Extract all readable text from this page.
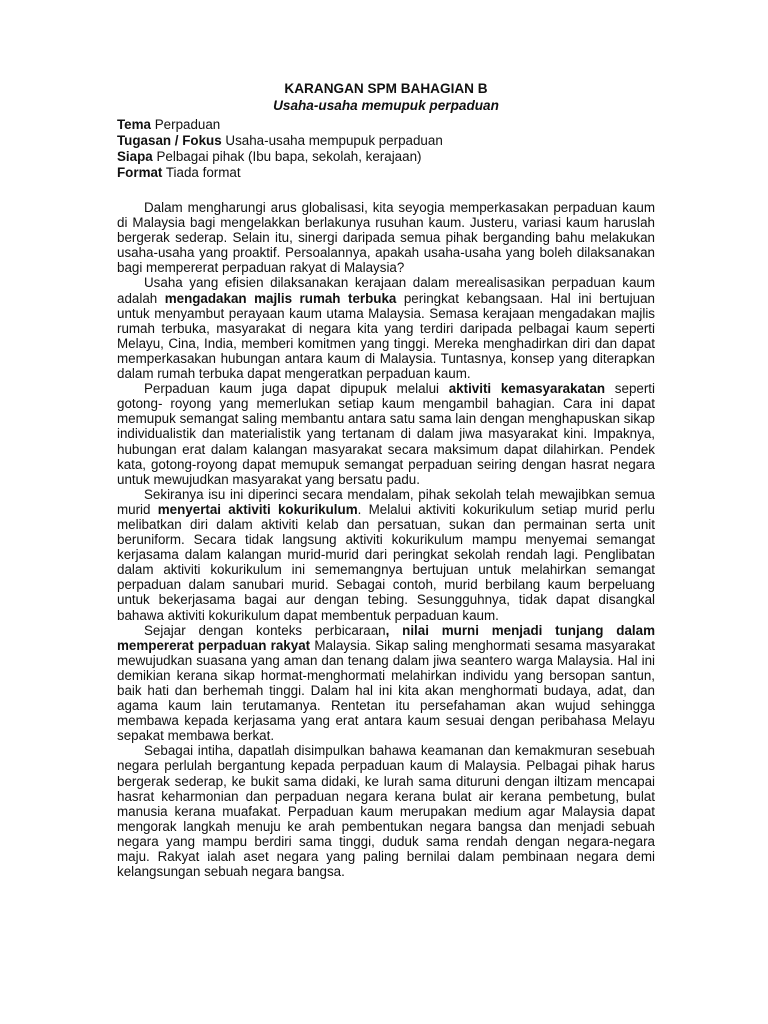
KARANGAN SPM BAHAGIAN B

Usaha-usaha memupuk perpaduan

Tema Perpaduan
Tugasan / Fokus Usaha-usaha mempupuk perpaduan
Siapa Pelbagai pihak (Ibu bapa, sekolah, kerajaan)
Format Tiada format

Dalam mengharungi arus globalisasi, kita seyogia memperkasakan perpaduan kaum di Malaysia bagi mengelakkan berlakunya rusuhan kaum. Justeru, variasi kaum haruslah bergerak sederap. Selain itu, sinergi daripada semua pihak berganding bahu melakukan usaha-usaha yang proaktif. Persoalannya, apakah usaha-usaha yang boleh dilaksanakan bagi mempererat perpaduan rakyat di Malaysia?

Usaha yang efisien dilaksanakan kerajaan dalam merealisasikan perpaduan kaum adalah mengadakan majlis rumah terbuka peringkat kebangsaan. Hal ini bertujuan untuk menyambut perayaan kaum utama Malaysia. Semasa kerajaan mengadakan majlis rumah terbuka, masyarakat di negara kita yang terdiri daripada pelbagai kaum seperti Melayu, Cina, India, memberi komitmen yang tinggi. Mereka menghadirkan diri dan dapat memperkasakan hubungan antara kaum di Malaysia. Tuntasnya, konsep yang diterapkan dalam rumah terbuka dapat mengeratkan perpaduan kaum.

Perpaduan kaum juga dapat dipupuk melalui aktiviti kemasyarakatan seperti gotong- royong yang memerlukan setiap kaum mengambil bahagian. Cara ini dapat memupuk semangat saling membantu antara satu sama lain dengan menghapuskan sikap individualistik dan materialistik yang tertanam di dalam jiwa masyarakat kini. Impaknya, hubungan erat dalam kalangan masyarakat secara maksimum dapat dilahirkan. Pendek kata, gotong-royong dapat memupuk semangat perpaduan seiring dengan hasrat negara untuk mewujudkan masyarakat yang bersatu padu.

Sekiranya isu ini diperinci secara mendalam, pihak sekolah telah mewajibkan semua murid menyertai aktiviti kokurikulum. Melalui aktiviti kokurikulum setiap murid perlu melibatkan diri dalam aktiviti kelab dan persatuan, sukan dan permainan serta unit beruniform. Secara tidak langsung aktiviti kokurikulum mampu menyemai semangat kerjasama dalam kalangan murid-murid dari peringkat sekolah rendah lagi. Penglibatan dalam aktiviti kokurikulum ini sememangnya bertujuan untuk melahirkan semangat perpaduan dalam sanubari murid. Sebagai contoh, murid berbilang kaum berpeluang untuk bekerjasama bagai aur dengan tebing. Sesungguhnya, tidak dapat disangkal bahawa aktiviti kokurikulum dapat membentuk perpaduan kaum.

Sejajar dengan konteks perbicaraan, nilai murni menjadi tunjang dalam mempererat perpaduan rakyat Malaysia. Sikap saling menghormati sesama masyarakat mewujudkan suasana yang aman dan tenang dalam jiwa seantero warga Malaysia. Hal ini demikian kerana sikap hormat-menghormati melahirkan individu yang bersopan santun, baik hati dan berhemah tinggi. Dalam hal ini kita akan menghormati budaya, adat, dan agama kaum lain terutamanya. Rentetan itu persefahaman akan wujud sehingga membawa kepada kerjasama yang erat antara kaum sesuai dengan peribahasa Melayu sepakat membawa berkat.

Sebagai intiha, dapatlah disimpulkan bahawa keamanan dan kemakmuran sesebuah negara perlulah bergantung kepada perpaduan kaum di Malaysia. Pelbagai pihak harus bergerak sederap, ke bukit sama didaki, ke lurah sama dituruni dengan iltizam mencapai hasrat keharmonian dan perpaduan negara kerana bulat air kerana pembetung, bulat manusia kerana muafakat. Perpaduan kaum merupakan medium agar Malaysia dapat mengorak langkah menuju ke arah pembentukan negara bangsa dan menjadi sebuah negara yang mampu berdiri sama tinggi, duduk sama rendah dengan negara-negara maju. Rakyat ialah aset negara yang paling bernilai dalam pembinaan negara demi kelangsungan sebuah negara bangsa.
